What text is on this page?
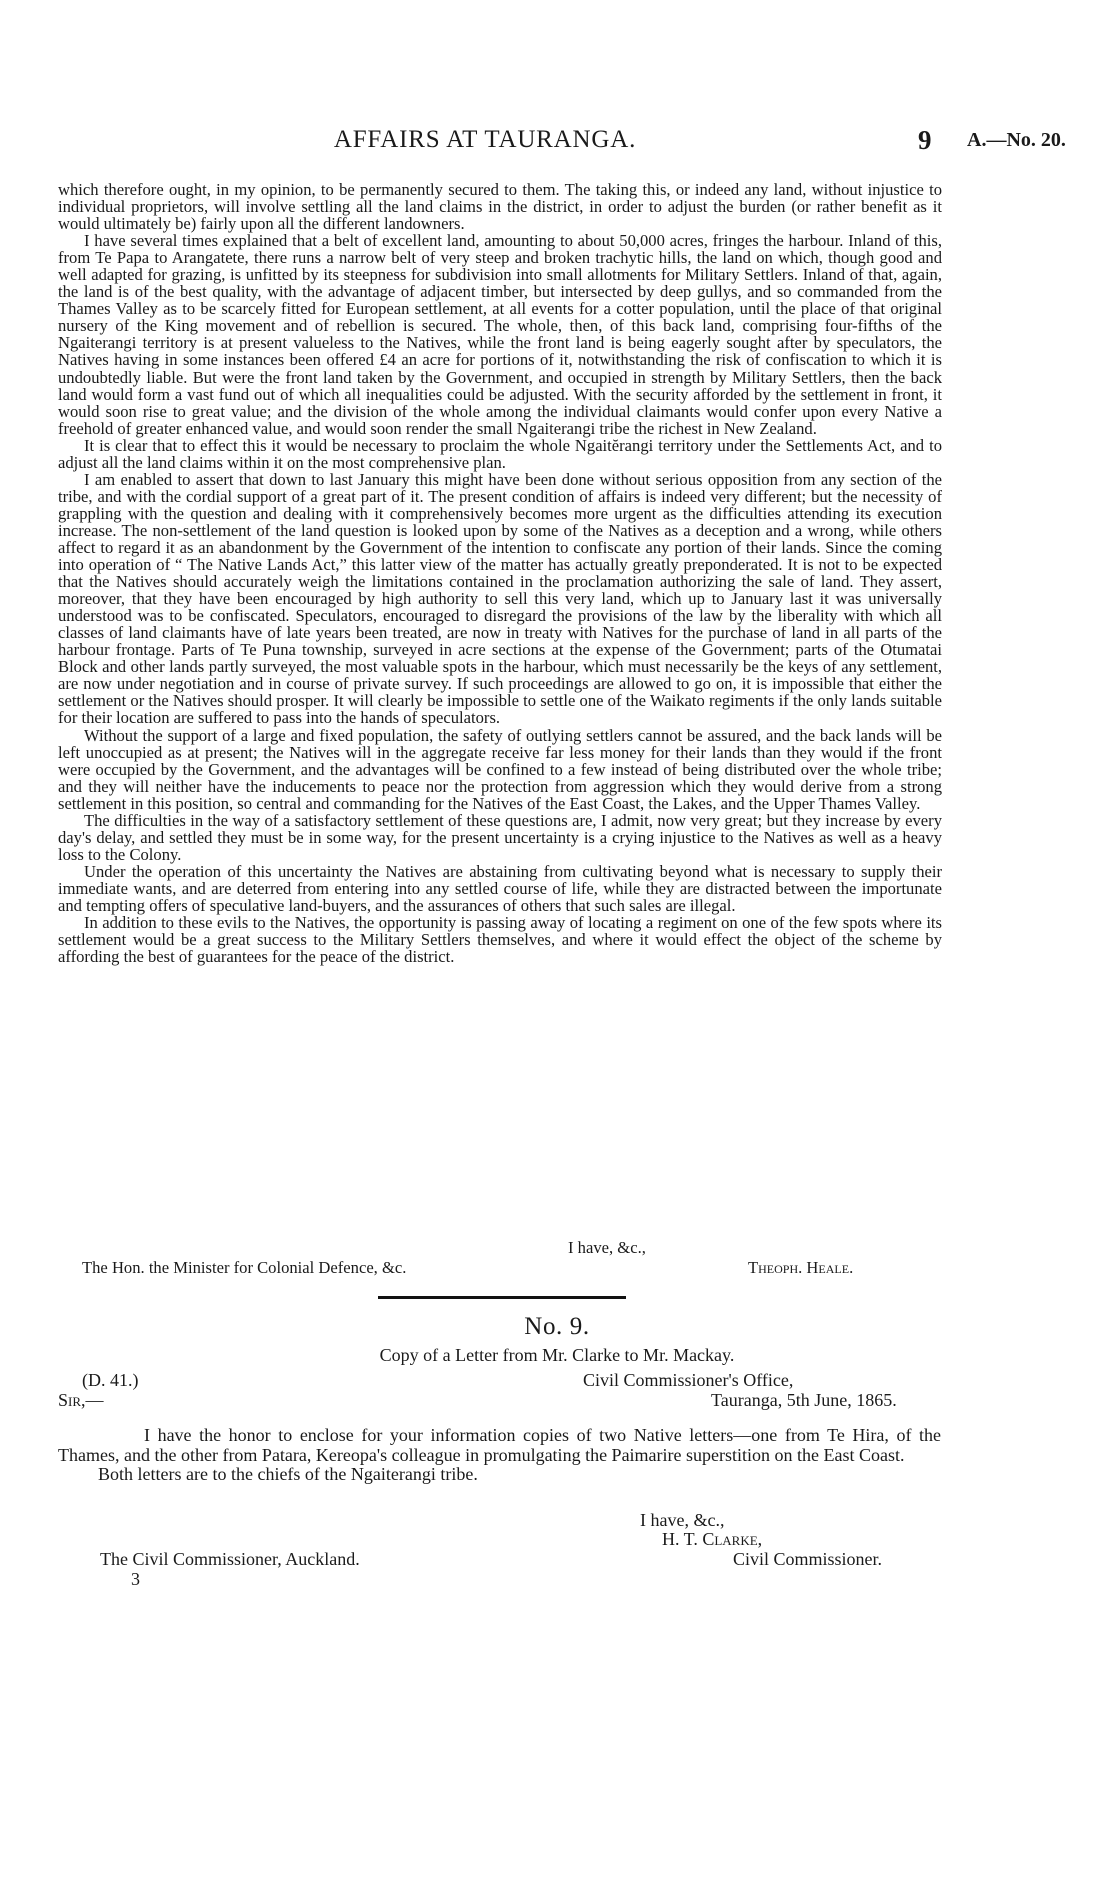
AFFAIRS AT TAURANGA.	9 A.—No. 20.

which therefore ought, in my opinion, to be permanently secured to them. The taking this, or indeed any land, without injustice to individual proprietors, will involve settling all the land claims in the district, in order to adjust the burden (or rather benefit as it would ultimately be) fairly upon all the different landowners.

I have several times explained that a belt of excellent land, amounting to about 50,000 acres, fringes the harbour. Inland of this, from Te Papa to Arangatete, there runs a narrow belt of very steep and broken trachytic hills, the land on which, though good and well adapted for grazing, is unfitted by its steepness for subdivision into small allotments for Military Settlers. Inland of that, again, the land is of the best quality, with the advantage of adjacent timber, but intersected by deep gullys, and so commanded from the Thames Valley as to be scarcely fitted for European settlement, at all events for a cotter population, until the place of that original nursery of the King movement and of rebellion is secured. The whole, then, of this back land, comprising four-fifths of the Ngaiterangi territory is at present valueless to the Natives, while the front land is being eagerly sought after by speculators, the Natives having in some instances been offered £4 an acre for portions of it, notwithstanding the risk of confiscation to which it is undoubtedly liable. But were the front land taken by the Government, and occupied in strength by Military Settlers, then the back land would form a vast fund out of which all inequalities could be adjusted. With the security afforded by the settlement in front, it would soon rise to great value; and the division of the whole among the individual claimants would confer upon every Native a freehold of greater enhanced value, and would soon render the small Ngaiterangi tribe the richest in New Zealand.

It is clear that to effect this it would be necessary to proclaim the whole Ngaitĕrangi territory under the Settlements Act, and to adjust all the land claims within it on the most comprehensive plan.

I am enabled to assert that down to last January this might have been done without serious opposition from any section of the tribe, and with the cordial support of a great part of it. The present condition of affairs is indeed very different; but the necessity of grappling with the question and dealing with it comprehensively becomes more urgent as the difficulties attending its execution increase. The non-settlement of the land question is looked upon by some of the Natives as a deception and a wrong, while others affect to regard it as an abandonment by the Government of the intention to confiscate any portion of their lands. Since the coming into operation of “ The Native Lands Act,” this latter view of the matter has actually greatly preponderated. It is not to be expected that the Natives should accurately weigh the limitations contained in the proclamation authorizing the sale of land. They assert, moreover, that they have been encouraged by high authority to sell this very land, which up to January last it was universally understood was to be confiscated. Speculators, encouraged to disregard the provisions of the law by the liberality with which all classes of land claimants have of late years been treated, are now in treaty with Natives for the purchase of land in all parts of the harbour frontage. Parts of Te Puna township, surveyed in acre sections at the expense of the Government; parts of the Otumatai Block and other lands partly surveyed, the most valuable spots in the harbour, which must necessarily be the keys of any settlement, are now under negotiation and in course of private survey. If such proceedings are allowed to go on, it is impossible that either the settlement or the Natives should prosper. It will clearly be impossible to settle one of the Waikato regiments if the only lands suitable for their location are suffered to pass into the hands of speculators.

Without the support of a large and fixed population, the safety of outlying settlers cannot be assured, and the back lands will be left unoccupied as at present; the Natives will in the aggregate receive far less money for their lands than they would if the front were occupied by the Government, and the advantages will be confined to a few instead of being distributed over the whole tribe; and they will neither have the inducements to peace nor the protection from aggression which they would derive from a strong settlement in this position, so central and commanding for the Natives of the East Coast, the Lakes, and the Upper Thames Valley.

The difficulties in the way of a satisfactory settlement of these questions are, I admit, now very great; but they increase by every day's delay, and settled they must be in some way, for the present uncertainty is a crying injustice to the Natives as well as a heavy loss to the Colony.

Under the operation of this uncertainty the Natives are abstaining from cultivating beyond what is necessary to supply their immediate wants, and are deterred from entering into any settled course of life, while they are distracted between the importunate and tempting offers of speculative land-buyers, and the assurances of others that such sales are illegal.

In addition to these evils to the Natives, the opportunity is passing away of locating a regiment on one of the few spots where its settlement would be a great success to the Military Settlers themselves, and where it would effect the object of the scheme by affording the best of guarantees for the peace of the district.

I have, &c.,
The Hon. the Minister for Colonial Defence, &c.	Theoph. Heale.
No. 9.
Copy of a Letter from Mr. Clarke to Mr. Mackay.
(D. 41.)	Civil Commissioner's Office,
Sir,—	Tauranga, 5th June, 1865.

I have the honor to enclose for your information copies of two Native letters—one from Te Hira, of the Thames, and the other from Patara, Kereopa's colleague in promulgating the Paimarire superstition on the East Coast.

Both letters are to the chiefs of the Ngaiterangi tribe.

I have, &c.,
H. T. Clarke,
The Civil Commissioner, Auckland.	Civil Commissioner.
3
